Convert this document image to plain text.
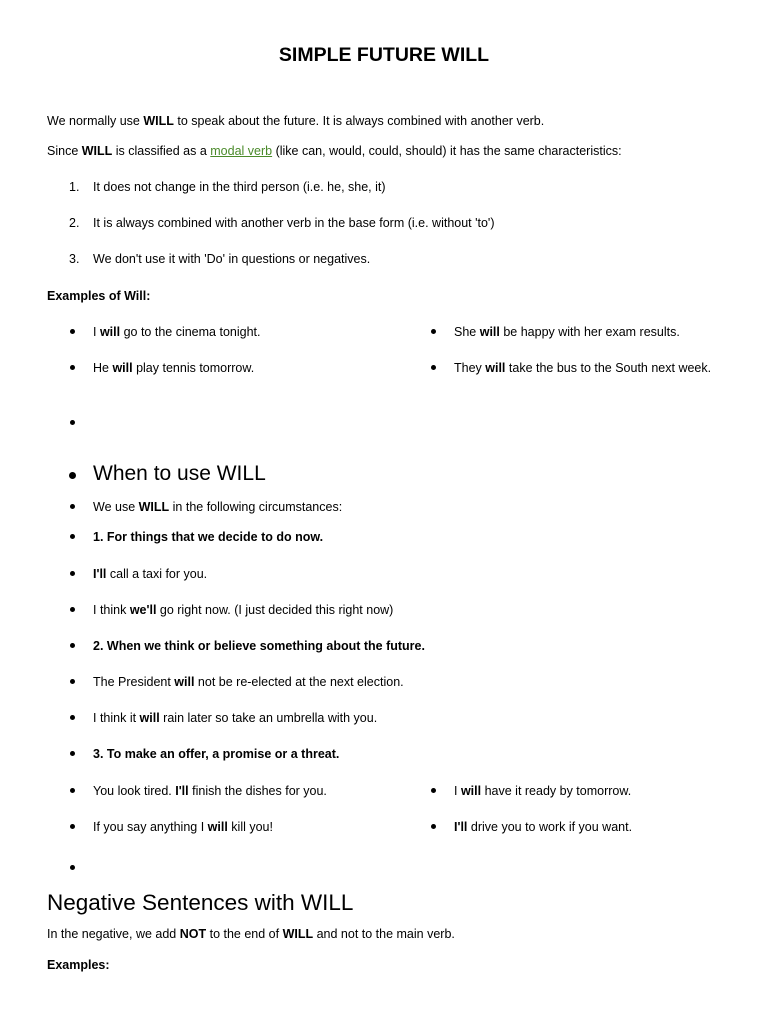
SIMPLE FUTURE WILL
We normally use WILL to speak about the future. It is always combined with another verb.
Since WILL is classified as a modal verb (like can, would, could, should) it has the same characteristics:
1. It does not change in the third person (i.e. he, she, it)
2. It is always combined with another verb in the base form (i.e. without 'to')
3. We don't use it with 'Do' in questions or negatives.
Examples of Will:
I will go to the cinema tonight.
He will play tennis tomorrow.
She will be happy with her exam results.
They will take the bus to the South next week.
When to use WILL
We use WILL in the following circumstances:
1. For things that we decide to do now.
I'll call a taxi for you.
I think we'll go right now. (I just decided this right now)
2. When we think or believe something about the future.
The President will not be re-elected at the next election.
I think it will rain later so take an umbrella with you.
3. To make an offer, a promise or a threat.
You look tired. I'll finish the dishes for you.
If you say anything I will kill you!
I will have it ready by tomorrow.
I'll drive you to work if you want.
Negative Sentences with WILL
In the negative, we add NOT to the end of WILL and not to the main verb.
Examples:
